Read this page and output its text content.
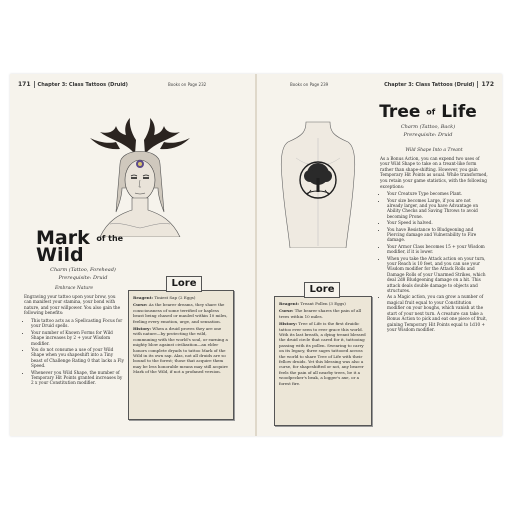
171 Chapter 3: Class Tattoos (Druid)	Books on Page 232
Mark of the
Wild
Charm (Tattoo, Forehead)
Prerequisite: Druid

Embrace Nature

Engraving your tattoo upon your brow, you can manifest your stamina, your bond with nature, and your willpower. You also gain the following benefits:

• This tattoo acts as a Spellcasting Focus for your Druid spells.
• Your number of Known Forms for Wild Shape increases by 2 + your Wisdom modifier.
• You do not consume a use of your Wild Shape when you shapeshift into a Tiny beast of Challenge Rating 0 that lacks a Fly Speed.
• Whenever you Wild Shape, the number of Temporary Hit Points granted increases by 2 x your Constitution modifier.

Reagent: Tiniest Sap (2 Eggs)

Curse: As the bearer dreams, they share the consciousness of some terrified or hapless beast being chased or mauled within 10 miles, feeling every emotion, urge, and sensation.

History: When a druid proves they are one with nature—by protecting the wild, communing with the world's soul, or earning a mighty blow against civilization—an elder honors complete dryads to tattoo Mark of the Wild in its own sap. Alas, not all druids are so bound to the forest; those that acquire them may be less honorable means may still acquire Mark of the Wild, if not a profaned version.

Lore
Books on Page 239	Chapter 3: Class Tattoos (Druid) 172
Tree of Life
Charm (Tattoo, Back)
Prerequisite: Druid

Wild Shape Into a Treant

As a Bonus Action, you can expend two uses of your Wild Shape to take on a treant-like form rather than shape-shifting. However, you gain Temporary Hit Points as usual. While transformed, you retain your game statistics, with the following exceptions:

• Your Creature Type becomes Plant.
• Your size becomes Large, if you are not already larger, and you have Advantage on Ability Checks and Saving Throws to avoid becoming Prone.
• Your Speed is halved.
• You have Resistance to Bludgeoning and Piercing damage and Vulnerability to Fire damage.
• Your Armor Class becomes 15 + your Wisdom modifier, if it is lower.
• When you take the Attack action on your turn, your Reach is 10 feet, and you can use your Wisdom modifier for the Attack Rolls and Damage Rolls of your Unarmed Strikes, which deal 2d8 Bludgeoning damage on a hit. This attack deals double damage to objects and structures.
• As a Magic action, you can grow a number of magical fruit equal to your Constitution modifier on your boughs, which vanish at the start of your next turn. A creature can take a Bonus Action to pick and eat one piece of fruit, gaining Temporary Hit Points equal to 1d10 + your Wisdom modifier.

Reagent: Treant Pollen (3 Eggs)

Curse: The bearer shares the pain of all trees within 10 miles.

History: Tree of Life is the first druidic tattoo ever seen to ever grace this world. With its last breath, a dying treant blessed the druid circle that cared for it, tattooing passing with its pollen. Swearing to carry on its legacy, three sages tattooed across the world to share Tree of Life with their fellow druids. Yet this blessing was also a curse, for shapeshifted or not, any bearer feels the pain of all nearby trees, be it a woodpecker's beak, a logger's axe, or a forest fire.

Lore
